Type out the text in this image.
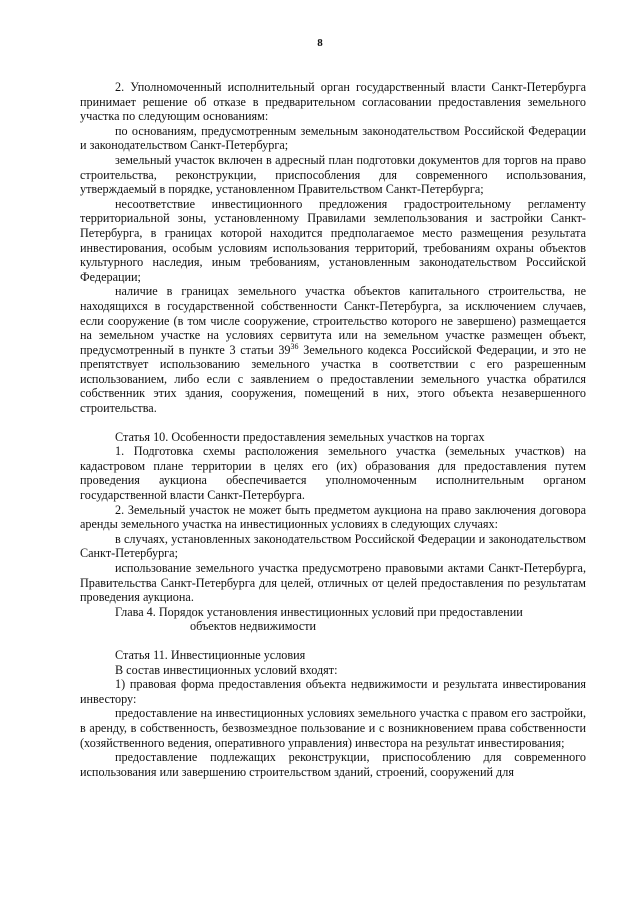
8

2. Уполномоченный исполнительный орган государственный власти Санкт-Петербурга принимает решение об отказе в предварительном согласовании предоставления земельного участка по следующим основаниям:

по основаниям, предусмотренным земельным законодательством Российской Федерации и законодательством Санкт-Петербурга;

земельный участок включен в адресный план подготовки документов для торгов на право строительства, реконструкции, приспособления для современного использования, утверждаемый в порядке, установленном Правительством Санкт-Петербурга;

несоответствие инвестиционного предложения градостроительному регламенту территориальной зоны, установленному Правилами землепользования и застройки Санкт-Петербурга, в границах которой находится предполагаемое место размещения результата инвестирования, особым условиям использования территорий, требованиям охраны объектов культурного наследия, иным требованиям, установленным законодательством Российской Федерации;

наличие в границах земельного участка объектов капитального строительства, не находящихся в государственной собственности Санкт-Петербурга, за исключением случаев, если сооружение (в том числе сооружение, строительство которого не завершено) размещается на земельном участке на условиях сервитута или на земельном участке размещен объект, предусмотренный в пункте 3 статьи $39^{36}$ Земельного кодекса Российской Федерации, и это не препятствует использованию земельного участка в соответствии с его разрешенным использованием, либо если с заявлением о предоставлении земельного участка обратился собственник этих здания, сооружения, помещений в них, этого объекта незавершенного строительства.

Статья 10. Особенности предоставления земельных участков на торгах

1. Подготовка схемы расположения земельного участка (земельных участков) на кадастровом плане территории в целях его (их) образования для предоставления путем проведения аукциона обеспечивается уполномоченным исполнительным органом государственной власти Санкт-Петербурга.

2. Земельный участок не может быть предметом аукциона на право заключения договора аренды земельного участка на инвестиционных условиях в следующих случаях:

в случаях, установленных законодательством Российской Федерации и законодательством Санкт-Петербурга;

использование земельного участка предусмотрено правовыми актами Санкт-Петербурга, Правительства Санкт-Петербурга для целей, отличных от целей предоставления по результатам проведения аукциона.

Глава 4. Порядок установления инвестиционных условий при предоставлении
объектов недвижимости

Статья 11. Инвестиционные условия

В состав инвестиционных условий входят:

1) правовая форма предоставления объекта недвижимости и результата инвестирования инвестору:

предоставление на инвестиционных условиях земельного участка с правом его застройки, в аренду, в собственность, безвозмездное пользование и с возникновением права собственности (хозяйственного ведения, оперативного управления) инвестора на результат инвестирования;

предоставление подлежащих реконструкции, приспособлению для современного использования или завершению строительством зданий, строений, сооружений для
